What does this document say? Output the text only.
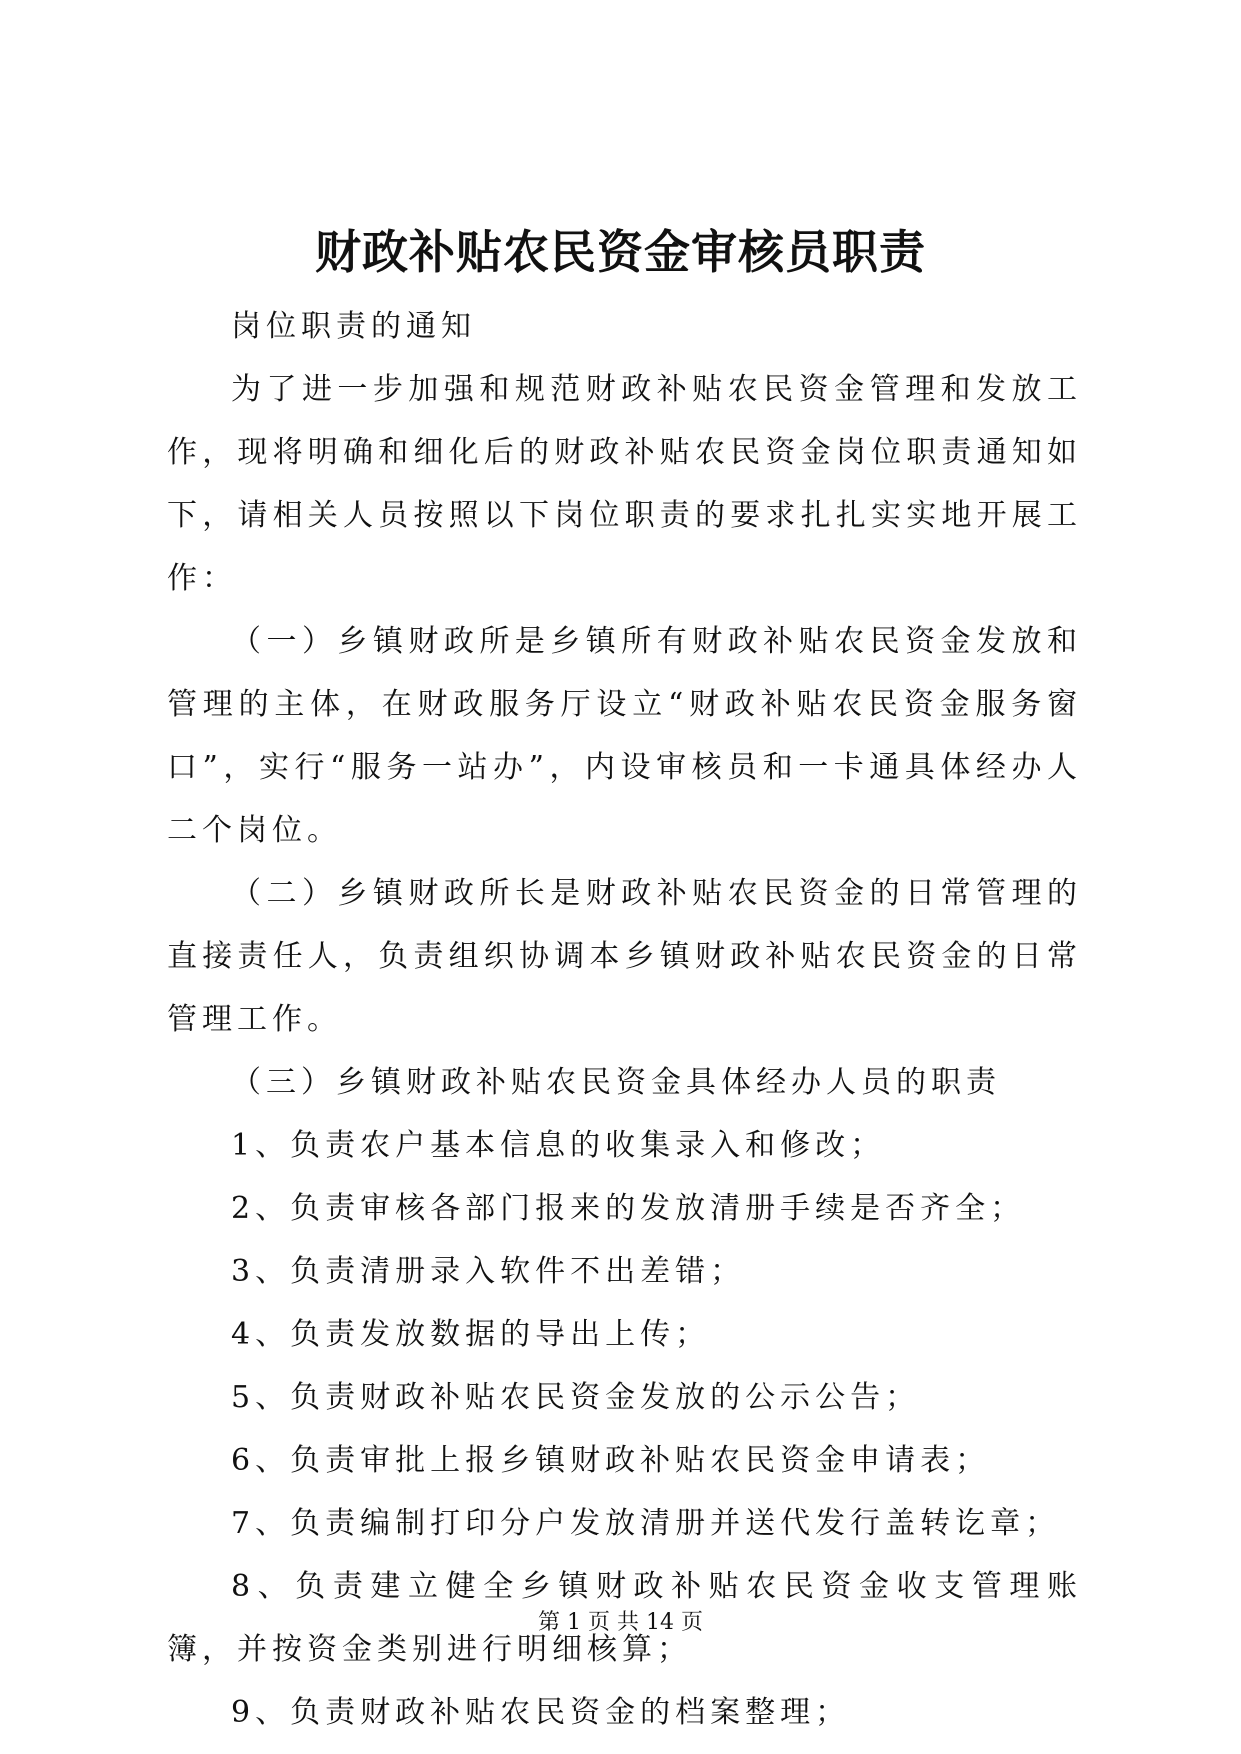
财政补贴农民资金审核员职责

岗位职责的通知

为了进一步加强和规范财政补贴农民资金管理和发放工作，现将明确和细化后的财政补贴农民资金岗位职责通知如下，请相关人员按照以下岗位职责的要求扎扎实实地开展工作：

（一）乡镇财政所是乡镇所有财政补贴农民资金发放和管理的主体，在财政服务厅设立“财政补贴农民资金服务窗口”，实行“服务一站办”，内设审核员和一卡通具体经办人二个岗位。

（二）乡镇财政所长是财政补贴农民资金的日常管理的直接责任人，负责组织协调本乡镇财政补贴农民资金的日常管理工作。

（三）乡镇财政补贴农民资金具体经办人员的职责

1、负责农户基本信息的收集录入和修改；

2、负责审核各部门报来的发放清册手续是否齐全；

3、负责清册录入软件不出差错；

4、负责发放数据的导出上传；

5、负责财政补贴农民资金发放的公示公告；

6、负责审批上报乡镇财政补贴农民资金申请表；

7、负责编制打印分户发放清册并送代发行盖转讫章；

8、负责建立健全乡镇财政补贴农民资金收支管理账簿，并按资金类别进行明细核算；

9、负责财政补贴农民资金的档案整理；

第 1 页 共 14 页
